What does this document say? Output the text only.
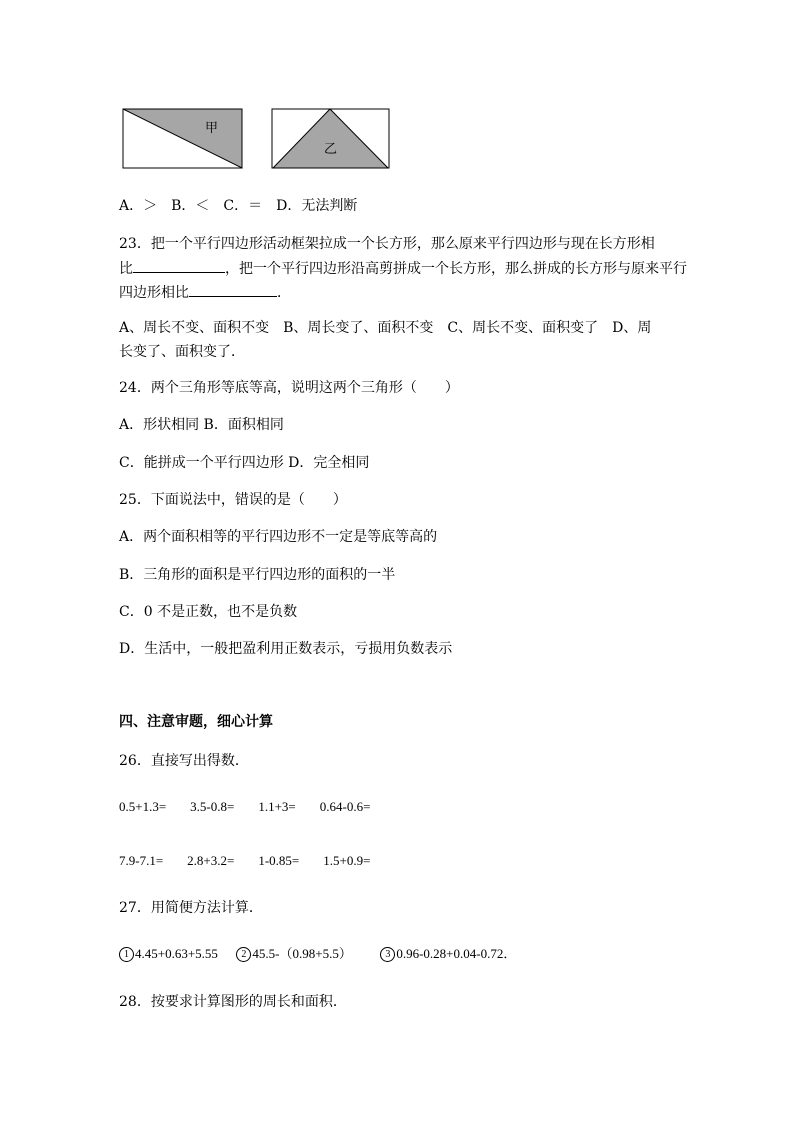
甲
乙
A．＞　B．＜　C．＝　D．无法判断
23．把一个平行四边形活动框架拉成一个长方形，那么原来平行四边形与现在长方形相
比	，把一个平行四边形沿高剪拼成一个长方形，那么拼成的长方形与原来平行
四边形相比	．
A、周长不变、面积不变　B、周长变了、面积不变　C、周长不变、面积变了　D、周
长变了、面积变了．
24．两个三角形等底等高，说明这两个三角形（　　）
A．形状相同 B．面积相同
C．能拼成一个平行四边形 D．完全相同
25．下面说法中，错误的是（　　）
A．两个面积相等的平行四边形不一定是等底等高的
B．三角形的面积是平行四边形的面积的一半
C．0 不是正数，也不是负数
D．生活中，一般把盈利用正数表示，亏损用负数表示
四、注意审题，细心计算
26．直接写出得数．
0.5+1.3= 3.5-0.8= 1.1+3= 0.64-0.6=
7.9-7.1= 2.8+3.2= 1-0.85= 1.5+0.9=
27．用简便方法计算．
1 4.45+0.63+5.55 2 45.5-（0.98+5.5）	3 0.96-0.28+0.04-0.72．
28．按要求计算图形的周长和面积．
